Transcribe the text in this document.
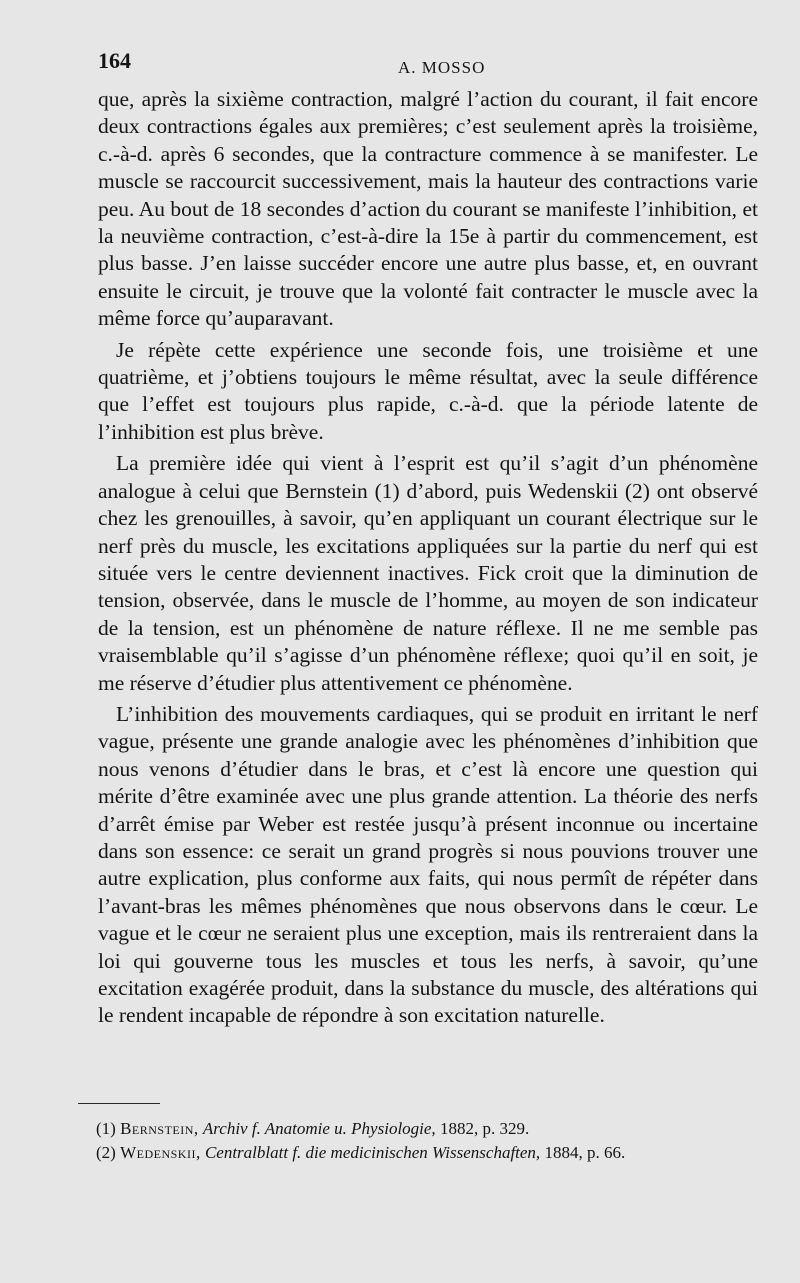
164	A. MOSSO

que, après la sixième contraction, malgré l’action du courant, il fait encore deux contractions égales aux premières; c’est seulement après la troisième, c.-à-d. après 6 secondes, que la contracture commence à se manifester. Le muscle se raccourcit successivement, mais la hauteur des contractions varie peu. Au bout de 18 secondes d’action du courant se manifeste l’inhibition, et la neuvième contraction, c’est-à-dire la 15e à partir du commencement, est plus basse. J’en laisse succéder encore une autre plus basse, et, en ouvrant ensuite le circuit, je trouve que la volonté fait contracter le muscle avec la même force qu’auparavant.

Je répète cette expérience une seconde fois, une troisième et une quatrième, et j’obtiens toujours le même résultat, avec la seule différence que l’effet est toujours plus rapide, c.-à-d. que la période latente de l’inhibition est plus brève.

La première idée qui vient à l’esprit est qu’il s’agit d’un phénomène analogue à celui que Bernstein (1) d’abord, puis Wedenskii (2) ont observé chez les grenouilles, à savoir, qu’en appliquant un courant électrique sur le nerf près du muscle, les excitations appliquées sur la partie du nerf qui est située vers le centre deviennent inactives. Fick croit que la diminution de tension, observée, dans le muscle de l’homme, au moyen de son indicateur de la tension, est un phénomène de nature réflexe. Il ne me semble pas vraisemblable qu’il s’agisse d’un phénomène réflexe; quoi qu’il en soit, je me réserve d’étudier plus attentivement ce phénomène.

L’inhibition des mouvements cardiaques, qui se produit en irritant le nerf vague, présente une grande analogie avec les phénomènes d’inhibition que nous venons d’étudier dans le bras, et c’est là encore une question qui mérite d’être examinée avec une plus grande attention. La théorie des nerfs d’arrêt émise par Weber est restée jusqu’à présent inconnue ou incertaine dans son essence: ce serait un grand progrès si nous pouvions trouver une autre explication, plus conforme aux faits, qui nous permît de répéter dans l’avant-bras les mêmes phénomènes que nous observons dans le cœur. Le vague et le cœur ne seraient plus une exception, mais ils rentreraient dans la loi qui gouverne tous les muscles et tous les nerfs, à savoir, qu’une excitation exagérée produit, dans la substance du muscle, des altérations qui le rendent incapable de répondre à son excitation naturelle.

(1) Bernstein, Archiv f. Anatomie u. Physiologie, 1882, p. 329.

(2) Wedenskii, Centralblatt f. die medicinischen Wissenschaften, 1884, p. 66.
